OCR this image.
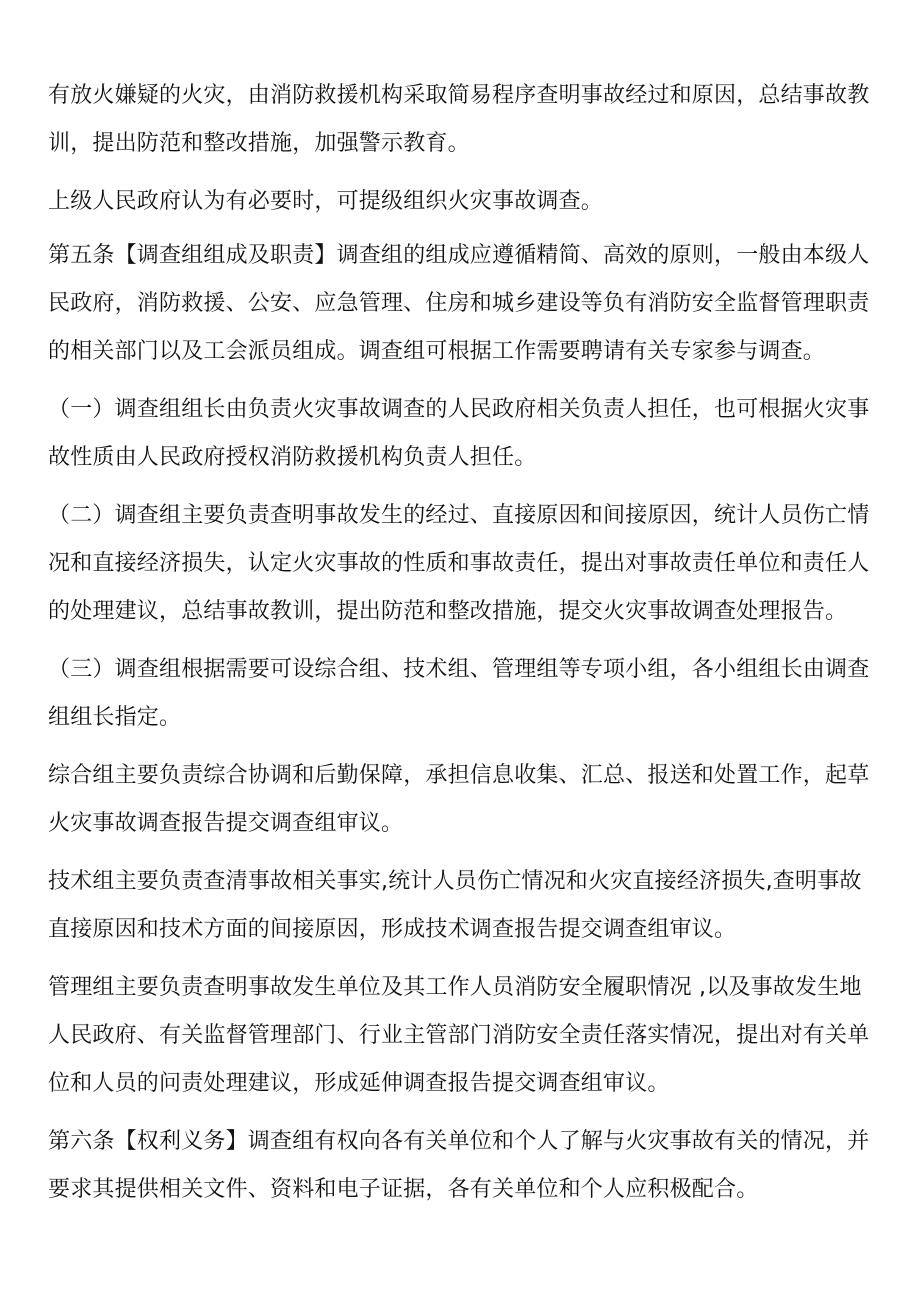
有放火嫌疑的火灾，由消防救援机构采取简易程序查明事故经过和原因，总结事故教训，提出防范和整改措施，加强警示教育。

上级人民政府认为有必要时，可提级组织火灾事故调查。

第五条【调查组组成及职责】调查组的组成应遵循精简、高效的原则，一般由本级人民政府，消防救援、公安、应急管理、住房和城乡建设等负有消防安全监督管理职责的相关部门以及工会派员组成。调查组可根据工作需要聘请有关专家参与调查。

（一）调查组组长由负责火灾事故调查的人民政府相关负责人担任，也可根据火灾事故性质由人民政府授权消防救援机构负责人担任。

（二）调查组主要负责查明事故发生的经过、直接原因和间接原因，统计人员伤亡情况和直接经济损失，认定火灾事故的性质和事故责任，提出对事故责任单位和责任人的处理建议，总结事故教训，提出防范和整改措施，提交火灾事故调查处理报告。

（三）调查组根据需要可设综合组、技术组、管理组等专项小组，各小组组长由调查组组长指定。

综合组主要负责综合协调和后勤保障，承担信息收集、汇总、报送和处置工作，起草火灾事故调查报告提交调查组审议。

技术组主要负责查清事故相关事实,统计人员伤亡情况和火灾直接经济损失,查明事故直接原因和技术方面的间接原因，形成技术调查报告提交调查组审议。

管理组主要负责查明事故发生单位及其工作人员消防安全履职情况 ,以及事故发生地人民政府、有关监督管理部门、行业主管部门消防安全责任落实情况，提出对有关单位和人员的问责处理建议，形成延伸调查报告提交调查组审议。

第六条【权利义务】调查组有权向各有关单位和个人了解与火灾事故有关的情况，并要求其提供相关文件、资料和电子证据，各有关单位和个人应积极配合。
